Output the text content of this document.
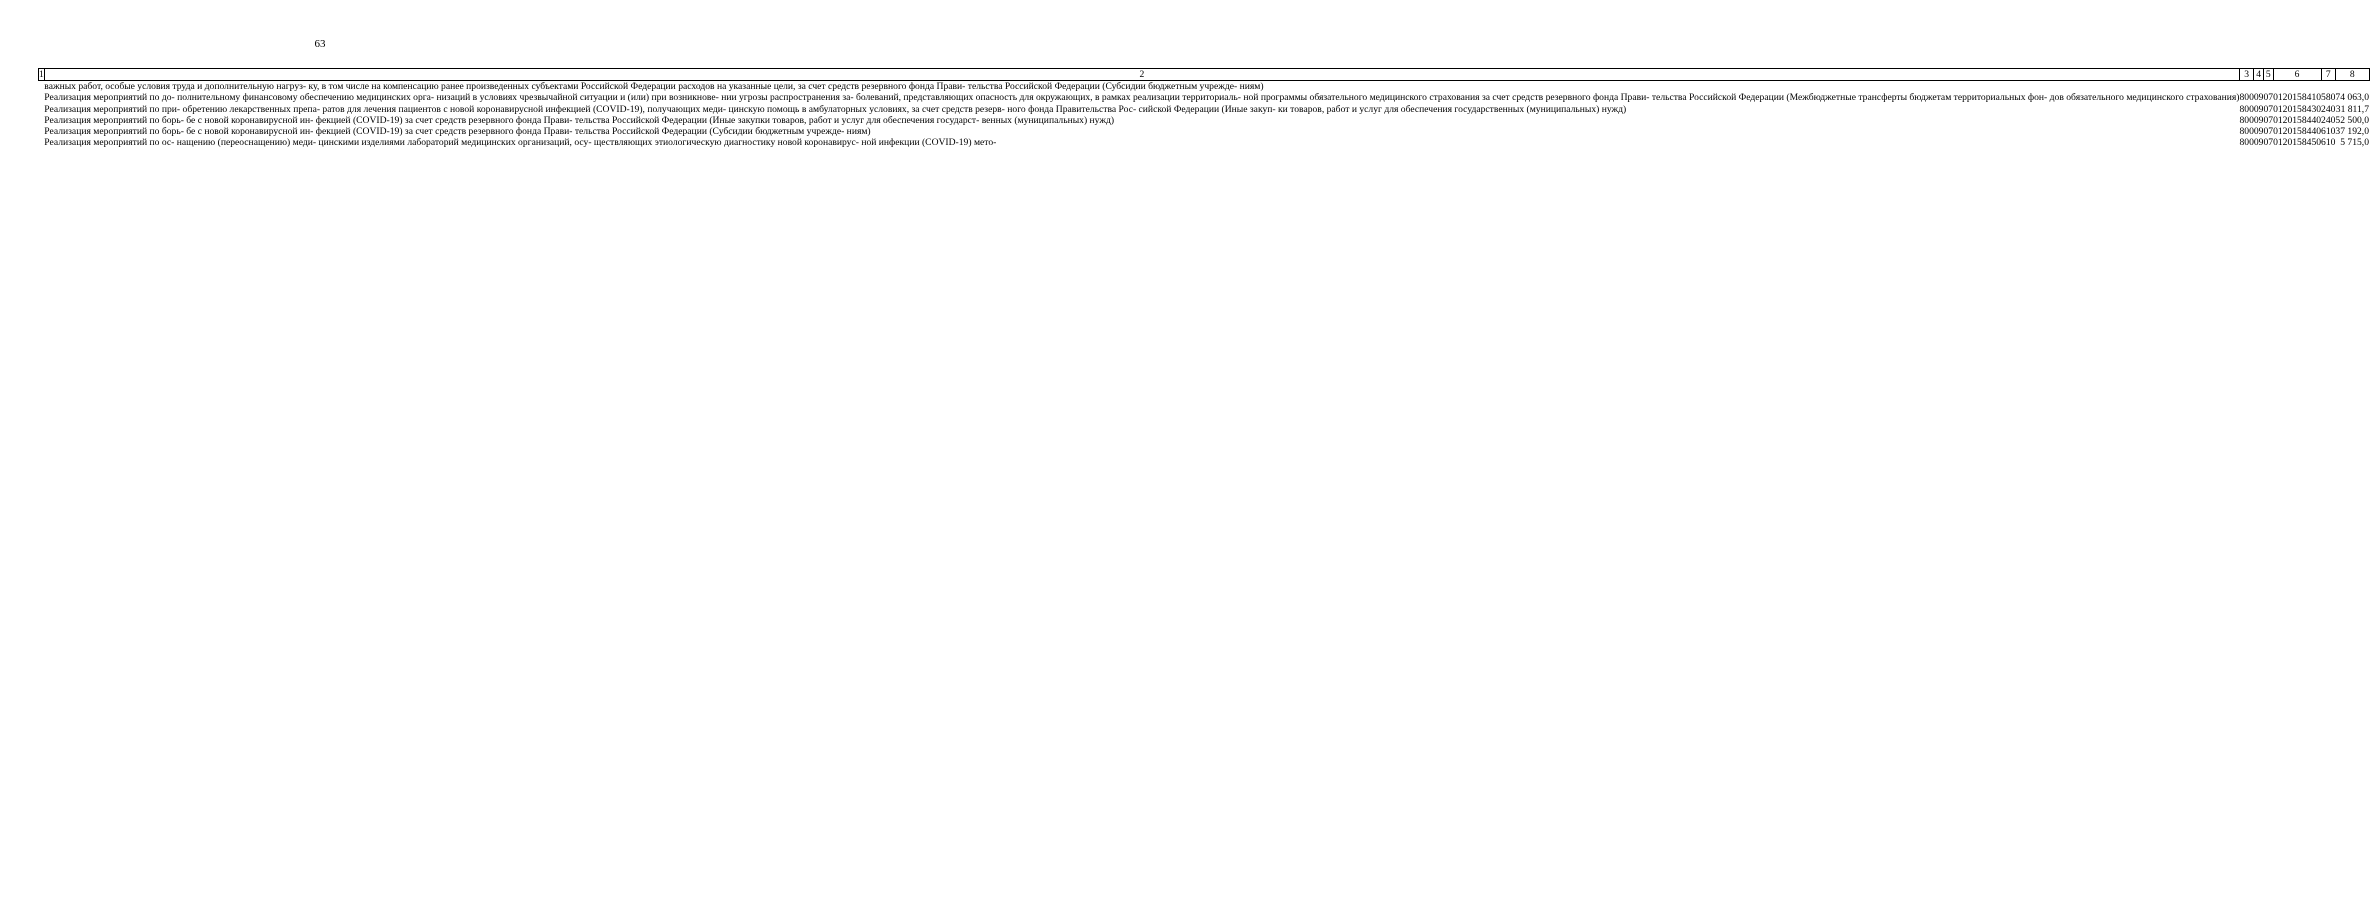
63
1	2	3	4	5	6				7	8
	важных работ, особые условия труда и дополнительную нагруз- ку, в том числе на компенсацию ранее произведенных субъектами Российской Федерации расходов на указанные цели, за счет средств резервного фонда Прави- тельства Российской Федерации (Субсидии бюджетным учрежде- ниям)									
	Реализация мероприятий по до- полнительному финансовому обеспечению медицинских орга- низаций в условиях чрезвычайной ситуации и (или) при возникнове- нии угрозы распространения за- болеваний, представляющих опасность для окружающих, в рамках реализации территориаль- ной программы обязательного медицинского страхования за счет средств резервного фонда Прави- тельства Российской Федерации (Межбюджетные трансферты бюджетам территориальных фон- дов обязательного медицинского страхования)	800	09	07	01	2	01	58410	580	74 063,0
	Реализация мероприятий по при- обретению лекарственных препа- ратов для лечения пациентов с новой коронавирусной инфекцией (COVID-19), получающих меди- цинскую помощь в амбулаторных условиях, за счет средств резерв- ного фонда Правительства Рос- сийской Федерации (Иные закуп- ки товаров, работ и услуг для обеспечения государственных (муниципальных) нужд)	800	09	07	01	2	01	58430	240	31 811,7
	Реализация мероприятий по борь- бе с новой коронавирусной ин- фекцией (COVID-19) за счет средств резервного фонда Прави- тельства Российской Федерации (Иные закупки товаров, работ и услуг для обеспечения государст- венных (муниципальных) нужд)	800	09	07	01	2	01	58440	240	52 500,0
	Реализация мероприятий по борь- бе с новой коронавирусной ин- фекцией (COVID-19) за счет средств резервного фонда Прави- тельства Российской Федерации (Субсидии бюджетным учрежде- ниям)	800	09	07	01	2	01	58440	610	37 192,0
	Реализация мероприятий по ос- нащению (переоснащению) меди- цинскими изделиями лабораторий медицинских организаций, осу- ществляющих этиологическую диагностику новой коронавирус- ной инфекции (COVID-19) мето-	800	09	07	01	2	01	58450	610	5 715,0
